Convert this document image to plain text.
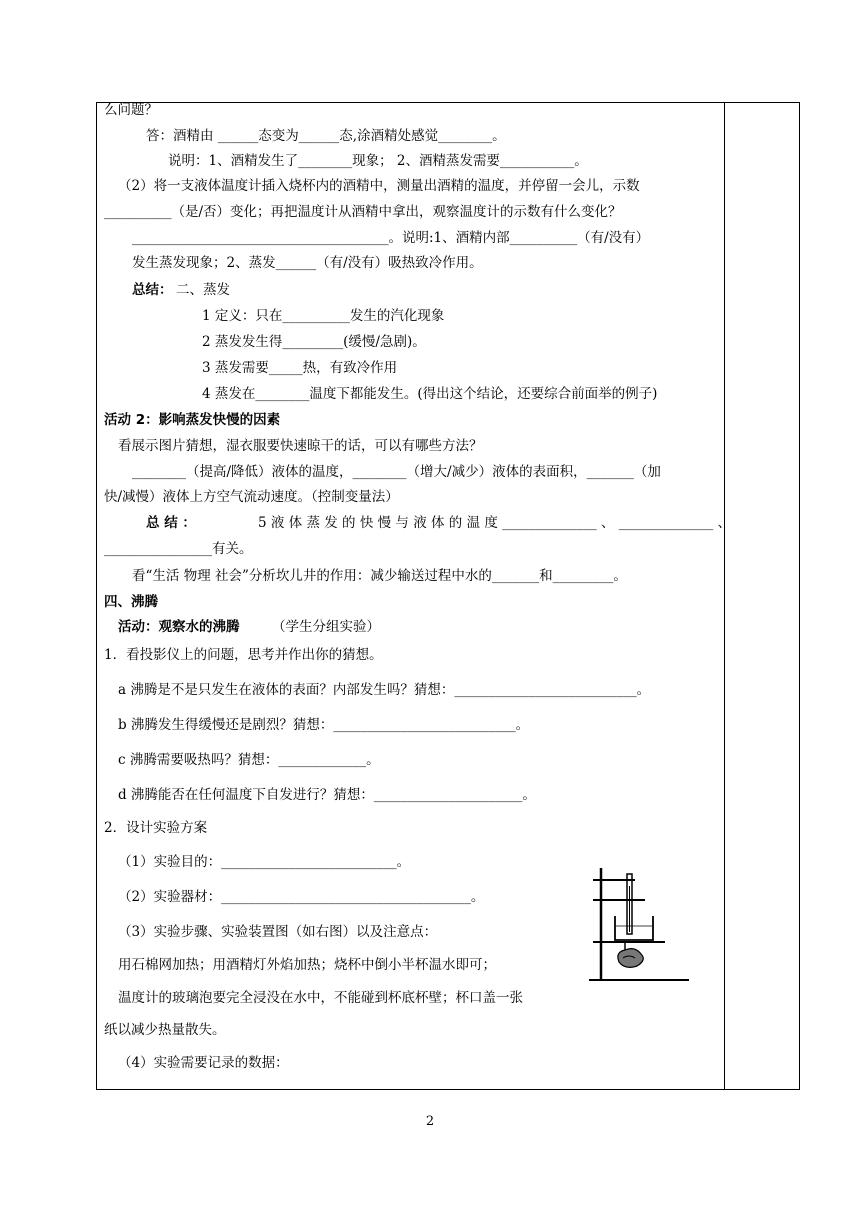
么问题？
答：酒精由 ______态变为______态,涂酒精处感觉________。
说明：1、酒精发生了________现象； 2、酒精蒸发需要___________。
（2）将一支液体温度计插入烧杯内的酒精中，测量出酒精的温度，并停留一会儿，示数
__________（是/否）变化；再把温度计从酒精中拿出，观察温度计的示数有什么变化？
______________________________________。说明:1、酒精内部__________（有/没有）
发生蒸发现象；2、蒸发______（有/没有）吸热致冷作用。
二、蒸发
1 定义：只在__________发生的汽化现象
2 蒸发发生得_________(缓慢/急剧)。
3 蒸发需要_____热，有致冷作用
4 蒸发在________温度下都能发生。(得出这个结论，还要综合前面举的例子)
看展示图片猜想，湿衣服要快速晾干的话，可以有哪些方法？
________（提高/降低）液体的温度，________（增大/减少）液体的表面积，_______（加
快/减慢）液体上方空气流动速度。（控制变量法）
5 液 体 蒸 发 的 快 慢 与 液 体 的 温 度 ______________ 、 ______________ 、
________________有关。
看“生活 物理 社会”分析坎儿井的作用：减少输送过程中水的_______和_________。
（学生分组实验）
1．看投影仪上的问题，思考并作出你的猜想。
a 沸腾是不是只发生在液体的表面？内部发生吗？猜想：___________________________。
b 沸腾发生得缓慢还是剧烈？猜想：___________________________。
c 沸腾需要吸热吗？猜想：_____________。
d 沸腾能否在任何温度下自发进行？猜想：______________________。
2．设计实验方案
（1）实验目的：__________________________。
（2）实验器材：_____________________________________。
（3）实验步骤、实验装置图（如右图）以及注意点：
用石棉网加热；用酒精灯外焰加热；烧杯中倒小半杯温水即可；
温度计的玻璃泡要完全浸没在水中，不能碰到杯底杯壁；杯口盖一张
纸以减少热量散失。
（4）实验需要记录的数据：
总结：
活动 2：影响蒸发快慢的因素
总 结 ：
四、沸腾
活动：观察水的沸腾
2
